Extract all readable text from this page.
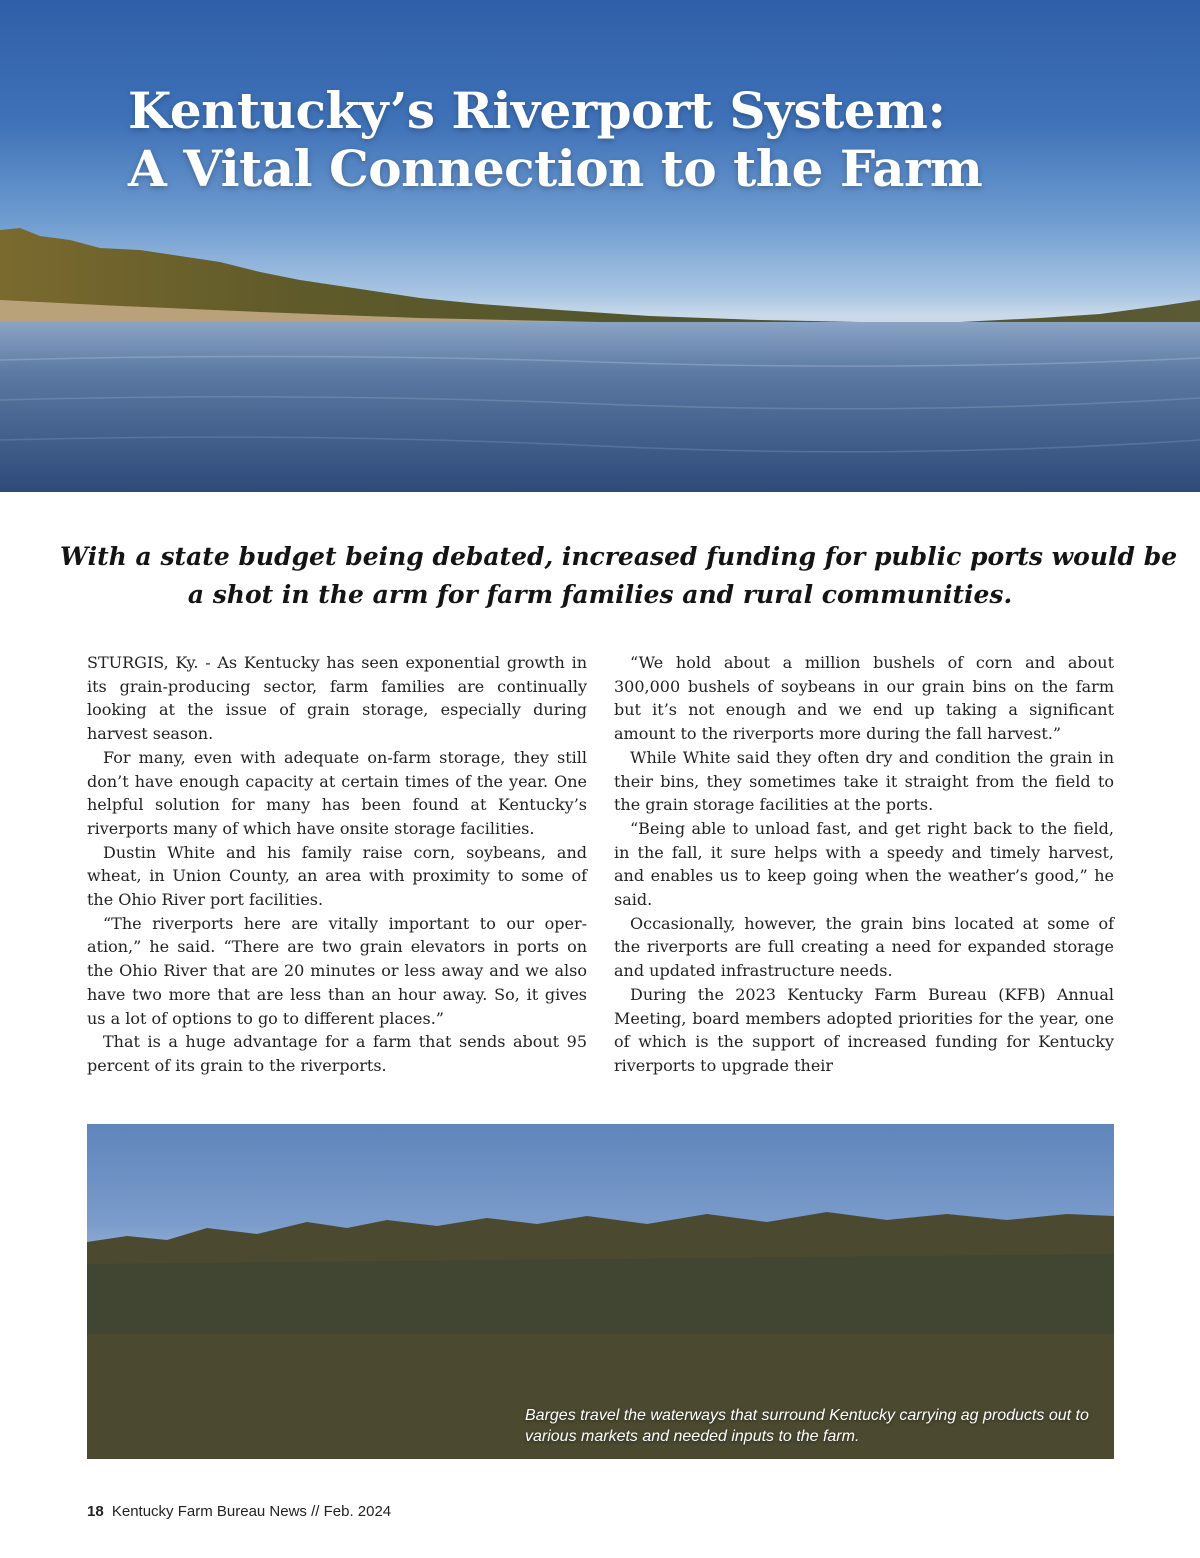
Kentucky’s Riverport System:
A Vital Connection to the Farm
With a state budget being debated, increased funding for public ports would be
a shot in the arm for farm families and rural communities.

STURGIS, Ky. - As Kentucky has seen exponential growth in its grain-producing sector, farm families are continually looking at the issue of grain storage, especially during harvest season.

For many, even with adequate on-farm storage, they still don’t have enough capacity at certain times of the year. One helpful solution for many has been found at Kentucky’s riverports many of which have onsite storage facilities.

Dustin White and his family raise corn, soybeans, and wheat, in Union County, an area with proximity to some of the Ohio River port facilities.

“The riverports here are vitally important to our oper-ation,” he said. “There are two grain elevators in ports on the Ohio River that are 20 minutes or less away and we also have two more that are less than an hour away. So, it gives us a lot of options to go to different places.”

That is a huge advantage for a farm that sends about 95 percent of its grain to the riverports.

“We hold about a million bushels of corn and about 300,000 bushels of soybeans in our grain bins on the farm but it’s not enough and we end up taking a significant amount to the riverports more during the fall harvest.”

While White said they often dry and condition the grain in their bins, they sometimes take it straight from the field to the grain storage facilities at the ports.

“Being able to unload fast, and get right back to the field, in the fall, it sure helps with a speedy and timely harvest, and enables us to keep going when the weather’s good,” he said.

Occasionally, however, the grain bins located at some of the riverports are full creating a need for expanded storage and updated infrastructure needs.

During the 2023 Kentucky Farm Bureau (KFB) Annual Meeting, board members adopted priorities for the year, one of which is the support of increased funding for Kentucky riverports to upgrade their

Barges travel the waterways that surround Kentucky carrying ag products out to various markets and needed inputs to the farm.
18 Kentucky Farm Bureau News // Feb. 2024
